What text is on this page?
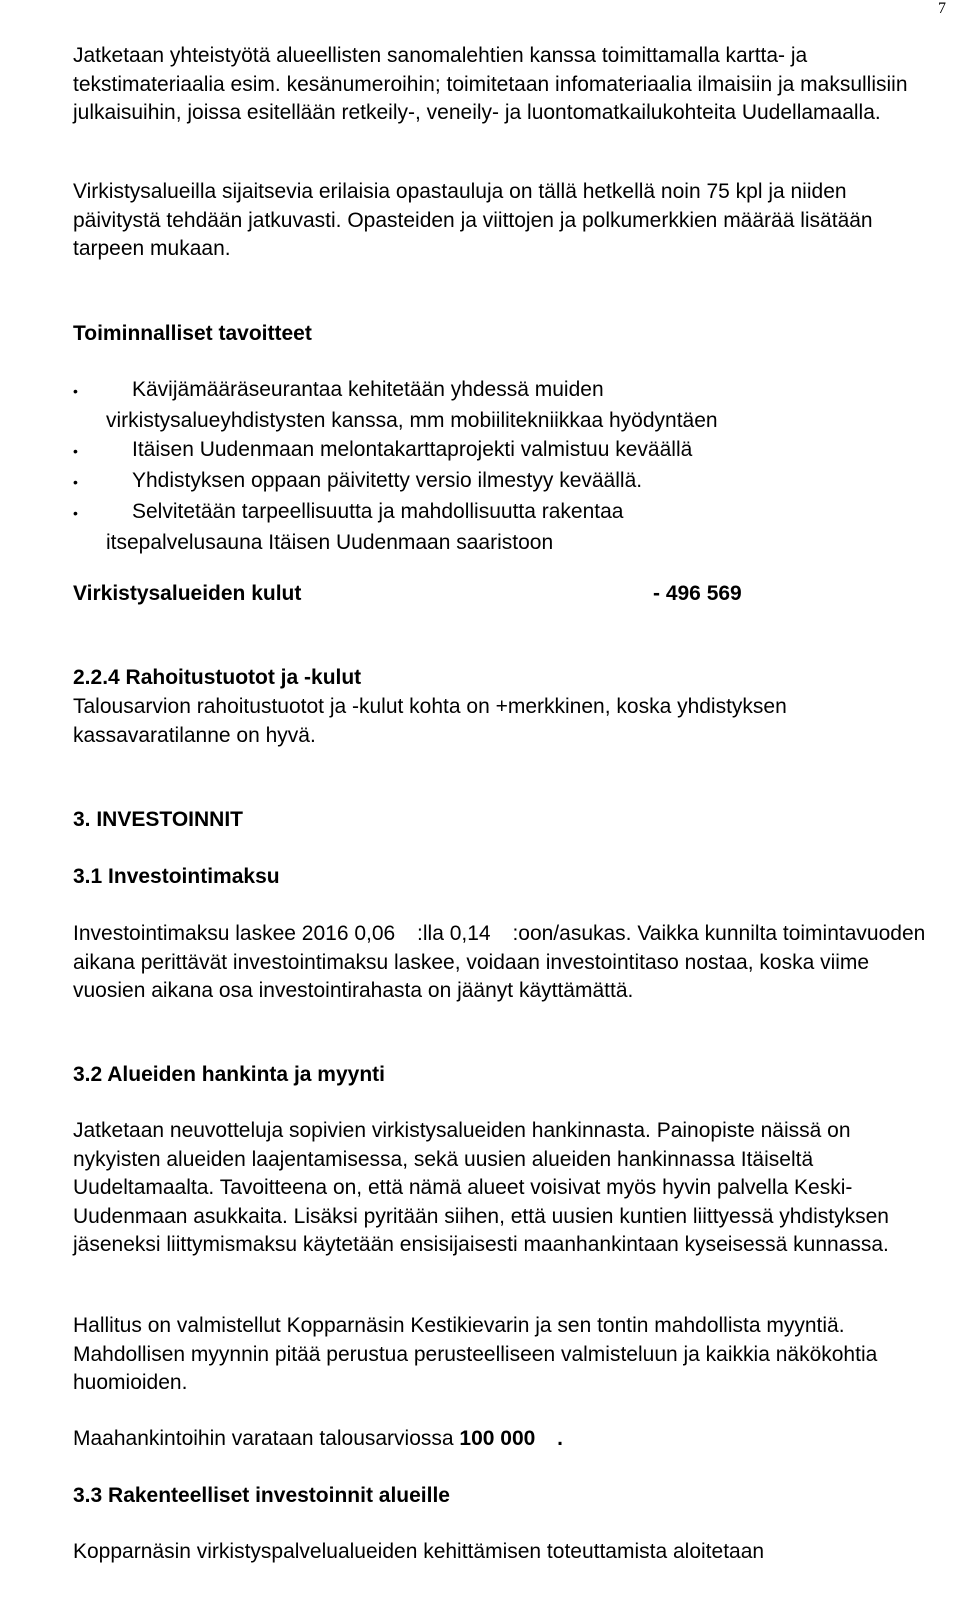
7

Jatketaan yhteistyötä alueellisten sanomalehtien kanssa toimittamalla kartta- ja tekstimateriaalia esim. kesänumeroihin; toimitetaan infomateriaalia ilmaisiin ja maksullisiin julkaisuihin, joissa esitellään retkeily-, veneily- ja luontomatkailukohteita Uudellamaalla.

Virkistysalueilla sijaitsevia erilaisia opastauluja on tällä hetkellä noin 75 kpl ja niiden päivitystä tehdään jatkuvasti. Opasteiden ja viittojen ja polkumerkkien määrää lisätään tarpeen mukaan.

Toiminnalliset tavoitteet

•	Kävijämääräseurantaa kehitetään yhdessä muiden
virkistysalueyhdistysten kanssa, mm mobiilitekniikkaa hyödyntäen
•	Itäisen Uudenmaan melontakarttaprojekti valmistuu keväällä
•	Yhdistyksen oppaan päivitetty versio ilmestyy keväällä.
•	Selvitetään tarpeellisuutta ja mahdollisuutta rakentaa
itsepalvelusauna Itäisen Uudenmaan saaristoon
Virkistysalueiden kulut	- 496 569

2.2.4 Rahoitustuotot ja -kulut

Talousarvion rahoitustuotot ja -kulut kohta on +merkkinen, koska yhdistyksen kassavaratilanne on hyvä.

3. INVESTOINNIT

3.1 Investointimaksu

Investointimaksu laskee 2016 0,06 :lla 0,14 :oon/asukas. Vaikka kunnilta toimintavuoden aikana perittävät investointimaksu laskee, voidaan investointitaso nostaa, koska viime vuosien aikana osa investointirahasta on jäänyt käyttämättä.

3.2 Alueiden hankinta ja myynti

Jatketaan neuvotteluja sopivien virkistysalueiden hankinnasta. Painopiste näissä on nykyisten alueiden laajentamisessa, sekä uusien alueiden hankinnassa Itäiseltä Uudeltamaalta. Tavoitteena on, että nämä alueet voisivat myös hyvin palvella Keski-Uudenmaan asukkaita. Lisäksi pyritään siihen, että uusien kuntien liittyessä yhdistyksen jäseneksi liittymismaksu käytetään ensisijaisesti maanhankintaan kyseisessä kunnassa.

Hallitus on valmistellut Kopparnäsin Kestikievarin ja sen tontin mahdollista myyntiä. Mahdollisen myynnin pitää perustua perusteelliseen valmisteluun ja kaikkia näkökohtia huomioiden.

Maahankintoihin varataan talousarviossa 100 000 .

3.3 Rakenteelliset investoinnit alueille

Kopparnäsin virkistyspalvelualueiden kehittämisen toteuttamista aloitetaan
